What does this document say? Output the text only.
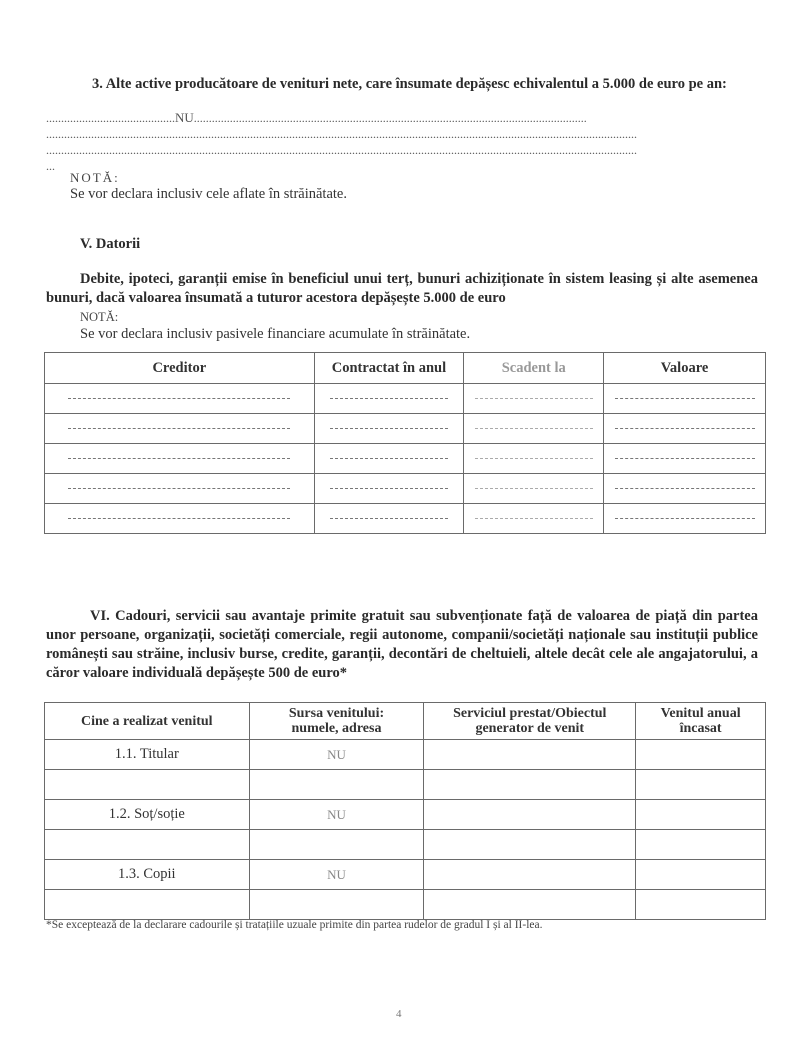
3. Alte active producătoare de venituri nete, care însumate depășesc echivalentul a 5.000 de euro pe an:
...........................................NU...................................................................................................................................
.....................................................................................................................................................................................................
.....................................................................................................................................................................................................
...
NOTĂ:
Se vor declara inclusiv cele aflate în străinătate.
V. Datorii
Debite, ipoteci, garanții emise în beneficiul unui terț, bunuri achiziționate în sistem leasing și alte asemenea bunuri, dacă valoarea însumată a tuturor acestora depășește 5.000 de euro
NOTĂ:
Se vor declara inclusiv pasivele financiare acumulate în străinătate.
Creditor	Contractat în anul	Scadent la	Valoare

VI. Cadouri, servicii sau avantaje primite gratuit sau subvenționate față de valoarea de piață din partea unor persoane, organizații, societăți comerciale, regii autonome, companii/societăți naționale sau instituții publice românești sau străine, inclusiv burse, credite, garanții, decontări de cheltuieli, altele decât cele ale angajatorului, a căror valoare individuală depășește 500 de euro*
Cine a realizat venitul	Sursa venitului: numele, adresa	Serviciul prestat/Obiectul generator de venit	Venitul anual încasat
1.1. Titular	NU		

1.2. Soț/soție	NU		

1.3. Copii	NU		

*Se exceptează de la declarare cadourile și tratațiile uzuale primite din partea rudelor de gradul I și al II-lea.
4
